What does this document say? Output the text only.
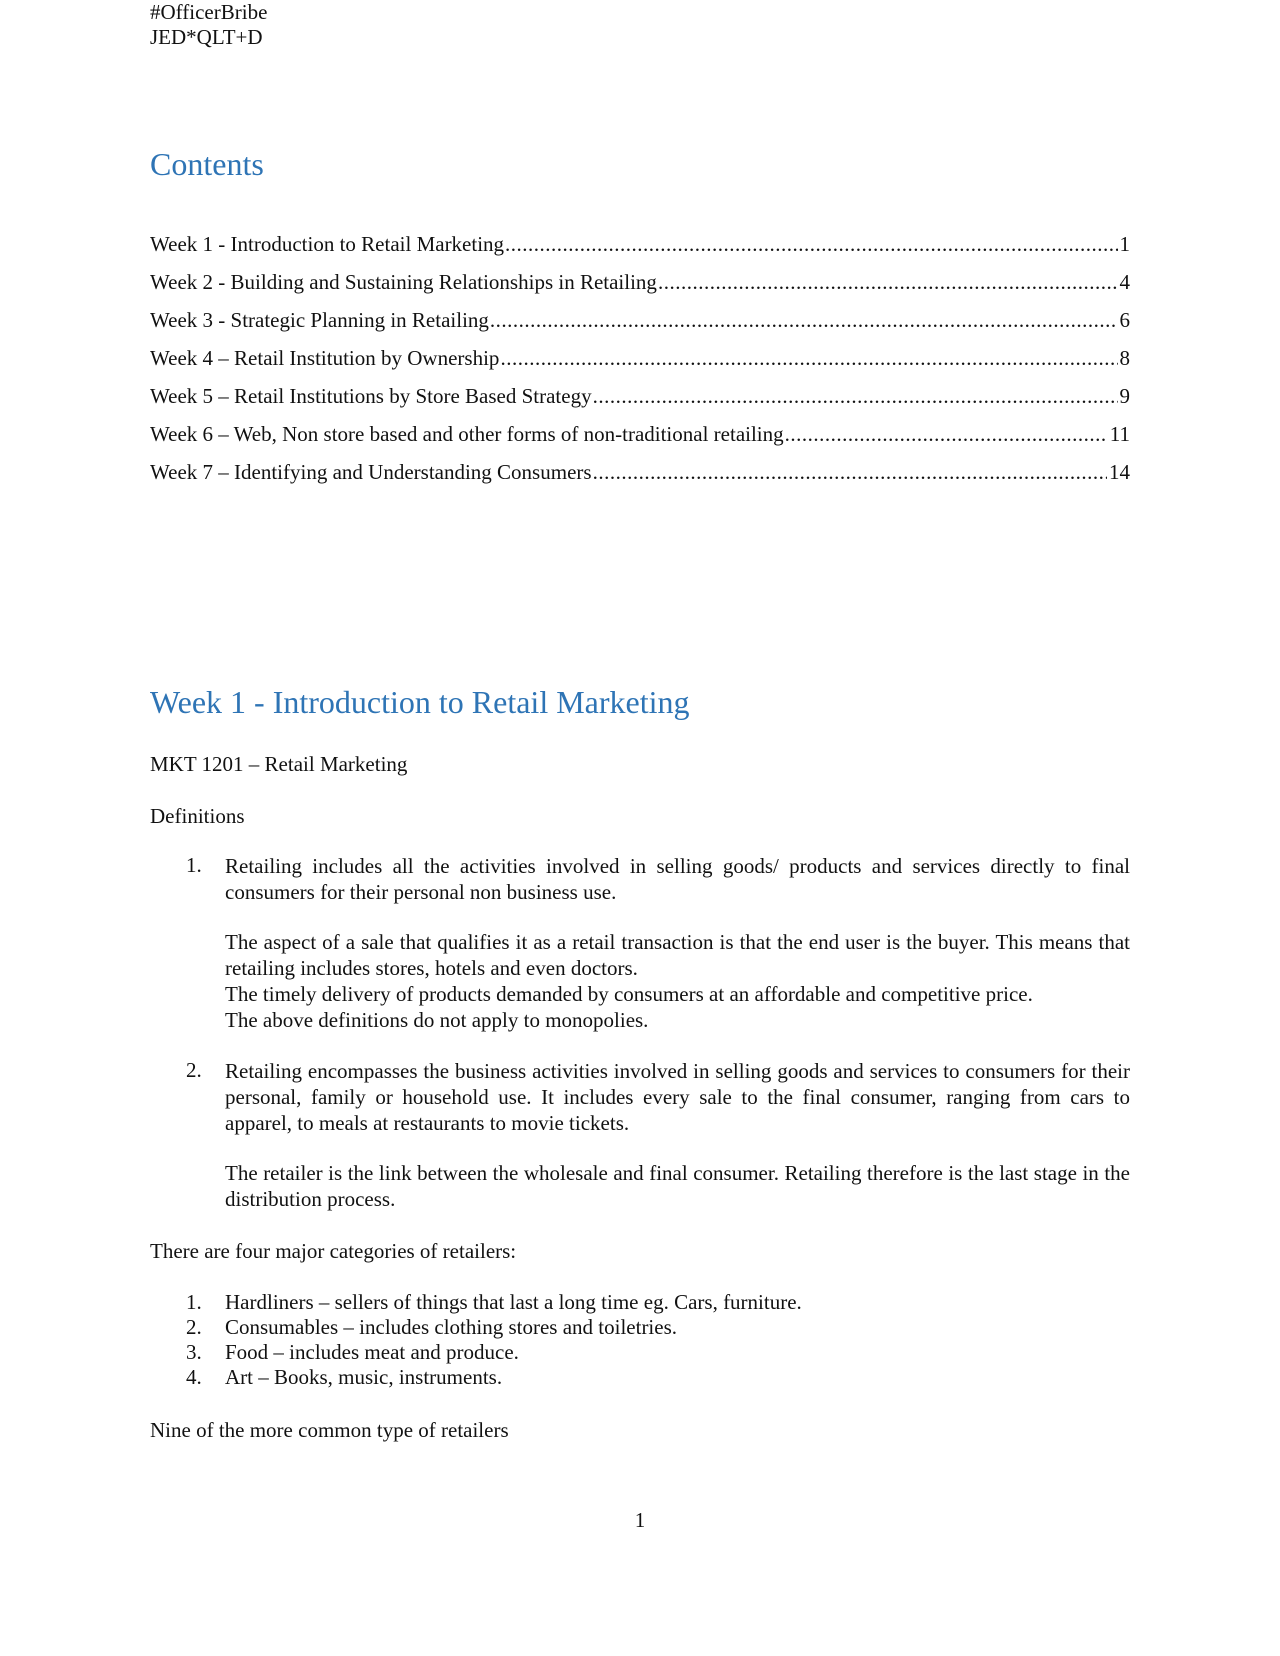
#OfficerBribe
JED*QLT+D
Contents
Week 1 - Introduction to Retail Marketing .....	1
Week 2 - Building and Sustaining Relationships in Retailing .....	4
Week 3 - Strategic Planning in Retailing .....	6
Week 4 – Retail Institution by Ownership .....	8
Week 5 – Retail Institutions by Store Based Strategy .....	9
Week 6 – Web, Non store based and other forms of non-traditional retailing .....	11
Week 7 – Identifying and Understanding Consumers .....	14
Week 1 - Introduction to Retail Marketing

MKT 1201 – Retail Marketing

Definitions

1. Retailing includes all the activities involved in selling goods/ products and services directly to final consumers for their personal non business use.

The aspect of a sale that qualifies it as a retail transaction is that the end user is the buyer. This means that retailing includes stores, hotels and even doctors.

The timely delivery of products demanded by consumers at an affordable and competitive price.

The above definitions do not apply to monopolies.

2. Retailing encompasses the business activities involved in selling goods and services to consumers for their personal, family or household use. It includes every sale to the final consumer, ranging from cars to apparel, to meals at restaurants to movie tickets.

The retailer is the link between the wholesale and final consumer. Retailing therefore is the last stage in the distribution process.

There are four major categories of retailers:

1. Hardliners – sellers of things that last a long time eg. Cars, furniture.
2. Consumables – includes clothing stores and toiletries.
3. Food – includes meat and produce.
4. Art – Books, music, instruments.

Nine of the more common type of retailers

1
